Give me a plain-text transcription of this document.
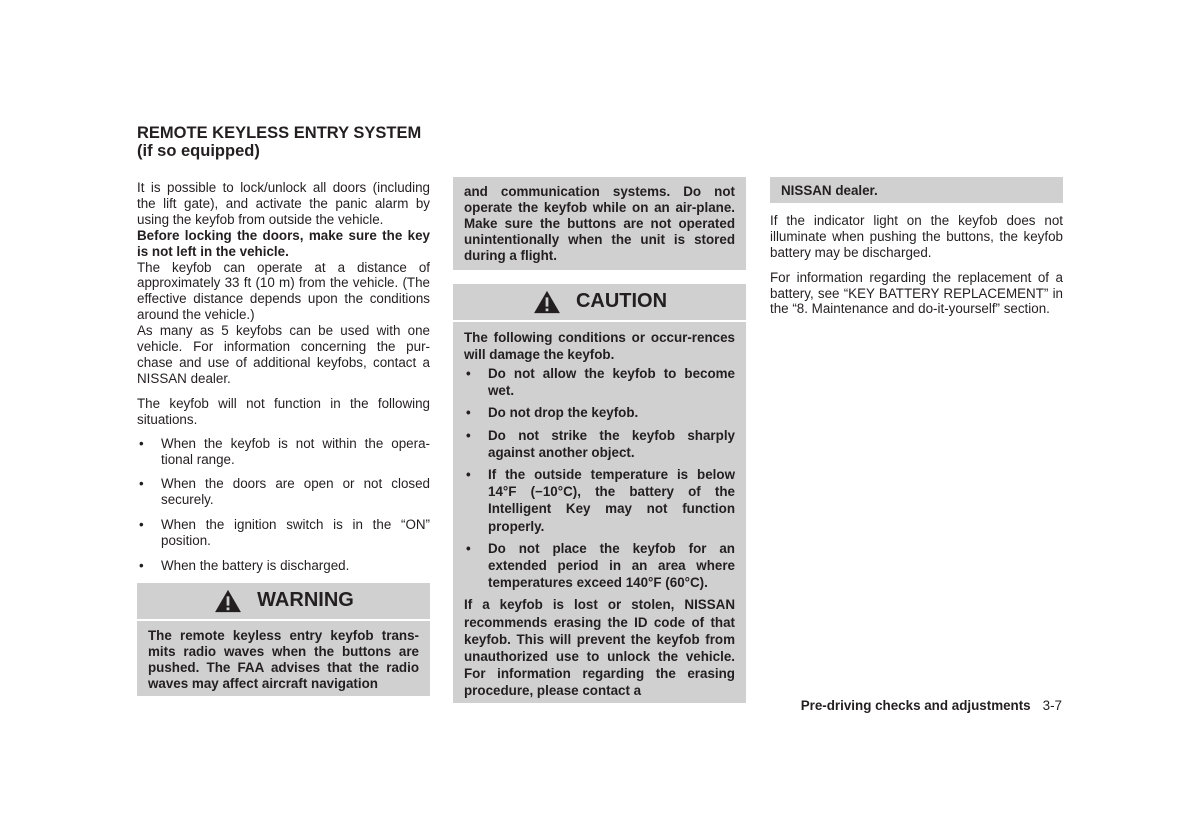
REMOTE KEYLESS ENTRY SYSTEM
(if so equipped)

It is possible to lock/unlock all doors (including the lift gate), and activate the panic alarm by using the keyfob from outside the vehicle.

Before locking the doors, make sure the key is not left in the vehicle.

The keyfob can operate at a distance of approximately 33 ft (10 m) from the vehicle. (The effective distance depends upon the conditions around the vehicle.)

As many as 5 keyfobs can be used with one vehicle. For information concerning the pur-chase and use of additional keyfobs, contact a NISSAN dealer.

The keyfob will not function in the following situations.

• When the keyfob is not within the opera-tional range.
• When the doors are open or not closed securely.
• When the ignition switch is in the “ON” position.
• When the battery is discharged.
WARNING

The remote keyless entry keyfob trans-mits radio waves when the buttons are pushed. The FAA advises that the radio waves may affect aircraft navigation

and communication systems. Do not operate the keyfob while on an air-plane. Make sure the buttons are not operated unintentionally when the unit is stored during a flight.

CAUTION

The following conditions or occur-rences will damage the keyfob.

• Do not allow the keyfob to become wet.
• Do not drop the keyfob.
• Do not strike the keyfob sharply against another object.
• If the outside temperature is below 14°F (−10°C), the battery of the Intelligent Key may not function properly.
• Do not place the keyfob for an extended period in an area where temperatures exceed 140°F (60°C).

If a keyfob is lost or stolen, NISSAN recommends erasing the ID code of that keyfob. This will prevent the keyfob from unauthorized use to unlock the vehicle. For information regarding the erasing procedure, please contact a

NISSAN dealer.

If the indicator light on the keyfob does not illuminate when pushing the buttons, the keyfob battery may be discharged.

For information regarding the replacement of a battery, see “KEY BATTERY REPLACEMENT” in the “8. Maintenance and do-it-yourself” section.

Pre-driving checks and adjustments 3-7
